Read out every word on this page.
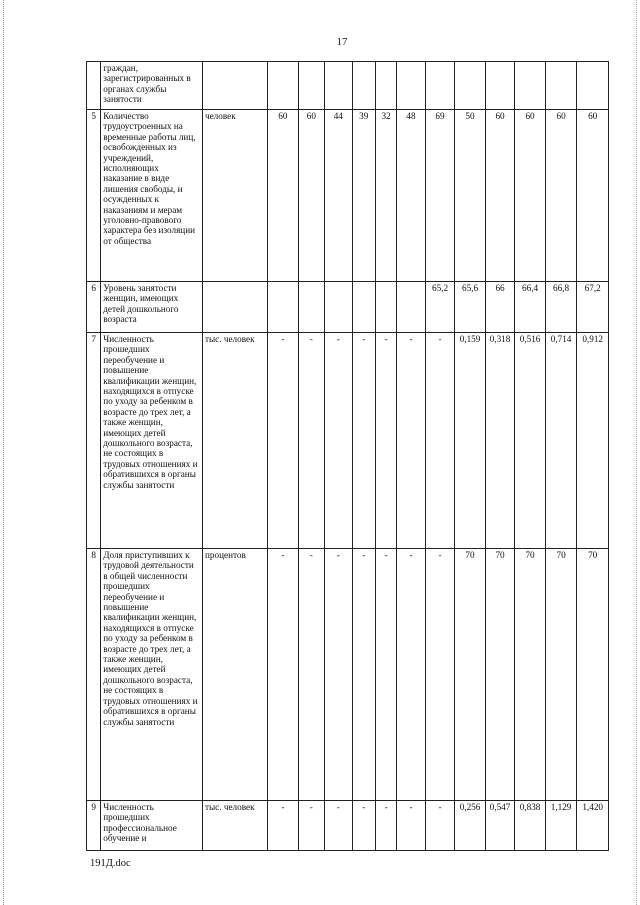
17
	граждан, зарегистрированных в органах службы занятости													
5	Количество трудоустроенных на временные работы лиц, освобожденных из учреждений, исполняющих наказание в виде лишения свободы, и осужденных к наказаниям и мерам уголовно-правового характера без изоляции от общества	человек	60	60	44	39	32	48	69	50	60	60	60	60
6	Уровень занятости женщин, имеющих детей дошкольного возраста								65,2	65,6	66	66,4	66,8	67,2
7	Численность прошедших переобучение и повышение квалификации женщин, находящихся в отпуске по уходу за ребенком в возрасте до трех лет, а также женщин, имеющих детей дошкольного возраста, не состоящих в трудовых отношениях и обратившихся в органы службы занятости	тыс. человек	-	-	-	-	-	-	-	0,159	0,318	0,516	0,714	0,912
8	Доля приступивших к трудовой деятельности в общей численности прошедших переобучение и повышение квалификации женщин, находящихся в отпуске по уходу за ребенком в возрасте до трех лет, а также женщин, имеющих детей дошкольного возраста, не состоящих в трудовых отношениях и обратившихся в органы службы занятости	процентов	-	-	-	-	-	-	-	70	70	70	70	70
9	Численность прошедших профессиональное обучение и	тыс. человек	-	-	-	-	-	-	-	0,256	0,547	0,838	1,129	1,420
191Д.doc
